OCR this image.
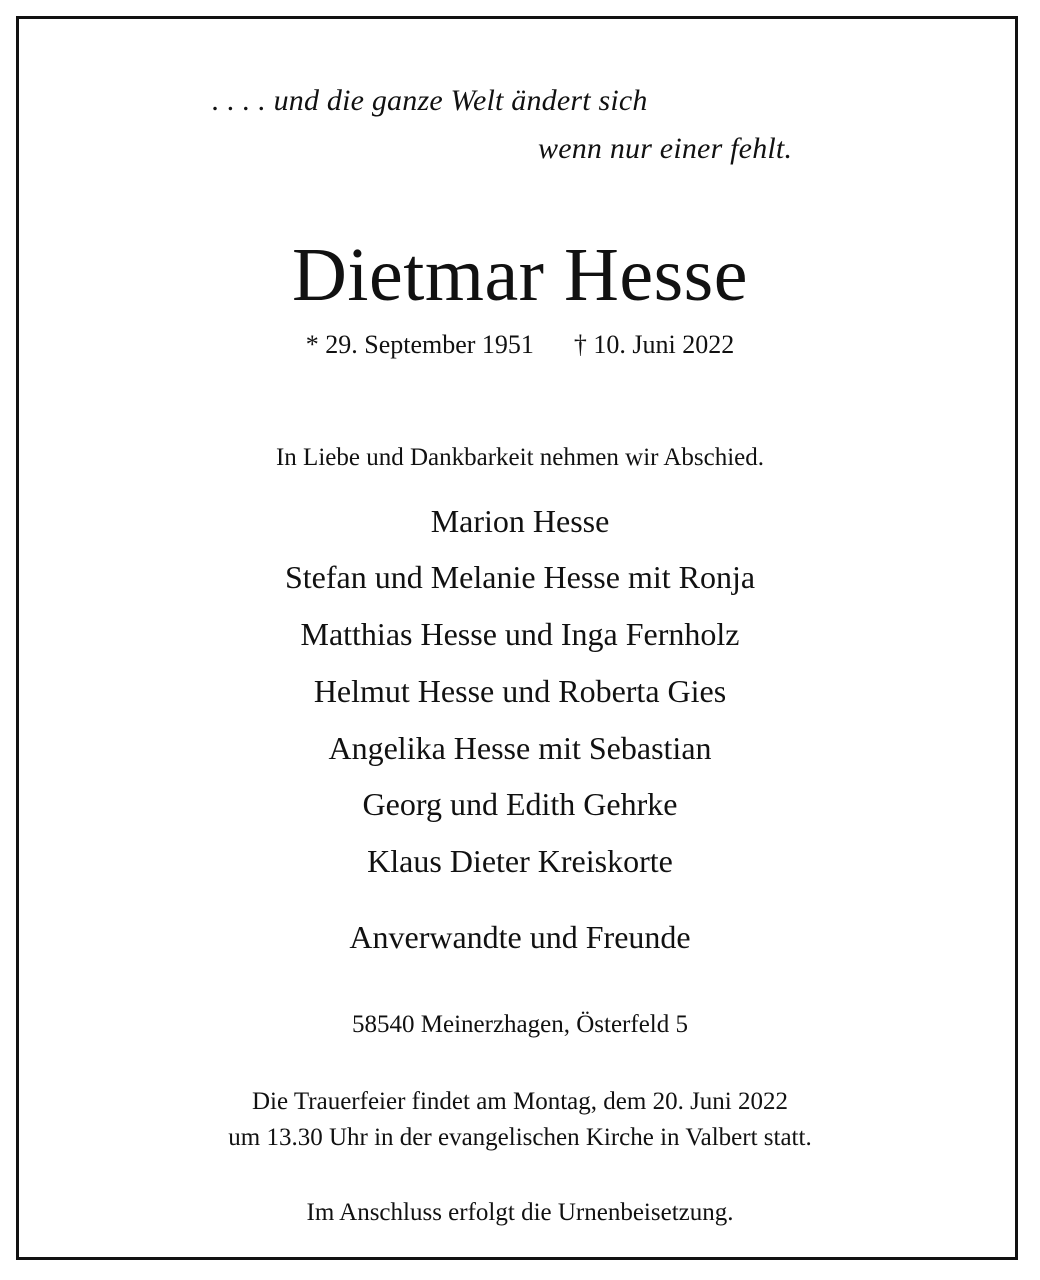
. . . . und die ganze Welt ändert sich
wenn nur einer fehlt.
Dietmar Hesse
* 29. September 1951 † 10. Juni 2022
In Liebe und Dankbarkeit nehmen wir Abschied.
Marion Hesse
Stefan und Melanie Hesse mit Ronja
Matthias Hesse und Inga Fernholz
Helmut Hesse und Roberta Gies
Angelika Hesse mit Sebastian
Georg und Edith Gehrke
Klaus Dieter Kreiskorte
Anverwandte und Freunde
58540 Meinerzhagen, Österfeld 5
Die Trauerfeier findet am Montag, dem 20. Juni 2022
um 13.30 Uhr in der evangelischen Kirche in Valbert statt.
Im Anschluss erfolgt die Urnenbeisetzung.
